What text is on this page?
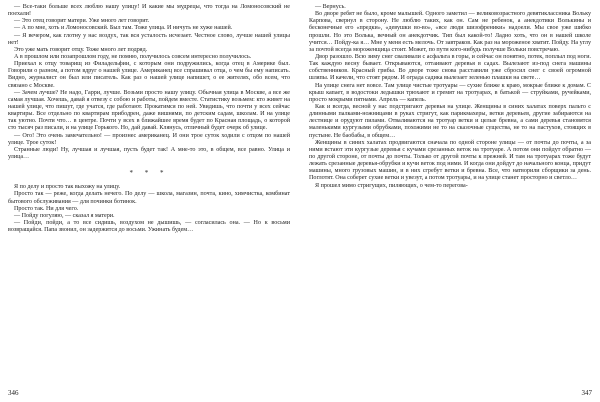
— Все-таки больше всех люблю нашу улицу! И какие мы мудрецы, что тогда на Ломоносовский не поехали!

— Это отец говорит матери. Уже много лет говорит.

— А по мне, хоть и Ломоносовский. Был там. Тоже улица. И ничуть не хуже нашей.

— Я вечером, как глотну у нас воздух, так вся усталость исчезает. Честное слово, лучше нашей улицы нет!

Это уже мать говорит отцу. Тоже много лет подряд.

А в прошлом или позапрошлом году, не помню, получилось совсем интересно получилось.

Приехал к отцу товарищ из Филадельфии, с которым они подружились, когда отец в Америке был. Говорили о разном, а потом вдруг о нашей улице. Американец все спрашивал отца, о чем бы ему написать. Видно, журналист он был или писатель. Как раз о нашей улице напишет, о ее жителях, обо всем, что связано с Москве.

— Зачем лучше? Не надо, Гарри, лучше. Возьми просто нашу улицу. Обычная улица в Москве, а все же самая лучшая. Хочешь, давай я отвезу с собою и работы, пойдем вместе. Статистику возьмем: кто живет на нашей улице, что пишут, где учатся, где работают. Прокатимся по ней. Увидишь, что почти у всех сейчас квартиры. Все отдельно по квартирам прибодрен, даже вишнями, по детским садам, школам. И на улице так уютно. Почти что… в центре. Почти у всех в ближайшее время будет по Красная площадь, о которой сто тысяч раз писали, и на улице Горького. Но, дай давай. Клянусь, отличный будет очерк об улице.

— Ого! Это очень замечательно! — произнес американец. И они трое суток ходили с отцом по нашей улице. Трое суток!

Странные люди! Ну, лучшая и лучшая, пусть будет так! А мне-то это, в общем, все равно. Улица и улица…

* * *

Я по делу и просто так выхожу на улицу.

Просто так — реже, когда делать нечего. По делу — школа, магазин, почта, кино, химчистка, комбинат бытового обслуживания — для починки ботинок.

Просто так. Ни для чего.

— Пойду погуляю, — сказал я матери.

— Пойди, пойди, а то все сидишь, воздухом не дышишь, — согласилась она. — Но к восьми возвращайся. Папа звонил, он задержится до восьми. Ужинать будем…

346

— Вернусь.

Во дворе ребят не было, кроме малышей. Одного заметил — великовозрастного девятиклассника Вольку Карпова, свернул в сторону. Не люблю таких, как он. Сам не ребенок, а анекдотики Волькины и бесконечные его «предки», «девушки во-во», «все люди шизофреники» надоели. Мы свое уже шибко прошли. Но это Волька, вечный он анекдотчик. Тип был какой-то! Ладно хоть, что он в нашей школе учится… Пойду-ка я… Мне у меня есть мелочь. От завтраков. Как раз на мороженое хватит. Пойду. На углу за почтой всегда мороженщица стоит. Может, по пути кого-нибудь получше Вольки повстречаю.

Двор разошло. Всю зиму снег сваливали с асфальта в горы, и сейчас он понятно, потек, поплыл под ноги. Так каждую весну бывает. Открываются, оттаивают деревья в садах. Вылезают из-под снега машины собственников. Красный грибы. Во дворе тоже снова расставили уже сбросил снег с своей огромной шляпы. И качели, что стоят рядом. И ограда садика вылезает зеленью плашки на свете…

На улице снега нет вовсе. Там улице чистые тротуары — сухие ближе к краю, мокрые ближе к домам. С крыш капает, в водостоки ледышки трюхают и гремят на тротуарах, в батькой — струйками, ручейками, просто мокрыми пятнами. Апрель — капель.

Как и всегда, весной у нас подстригают деревья на улице. Женщины в синих халатах поверх пальто с длинными палками-ножницами в руках стригут, как парикмахеры, ветки деревьев, другие забираются на лестнице и орудуют пилами. Отваливаются на тротуар ветки и целые бревна, а сами деревья становятся маленькими кургузыми обрубками, похожими не то на сказочные существа, не то на пастухов, стоящих в пустыне. Не баобабы, в общем…

Женщины в синих халатах продвигаются сначала по одной стороне улицы — от почты до почты, а за ними встают эти кургузые деревья с кучами срезанных веток на тротуаре. А потом они пойдут обратно — по другой стороне, от почты до почты. Только от другой почты к прежней. И там на тротуарах тоже будут лежать срезанные деревья-обрубки и кучи веток под ними. И когда они дойдут до начального конца, придут машины, много грузовых машин, и в них сгребут ветки и бревна. Все, что натворили сборщики за день. Поглотят. Она соберет сухие ветки и увезут, а потом тротуары, и на улице станет просторно и светло…

Я прошел мимо стригущих, пиляющих, о чем-то перегова-

347
